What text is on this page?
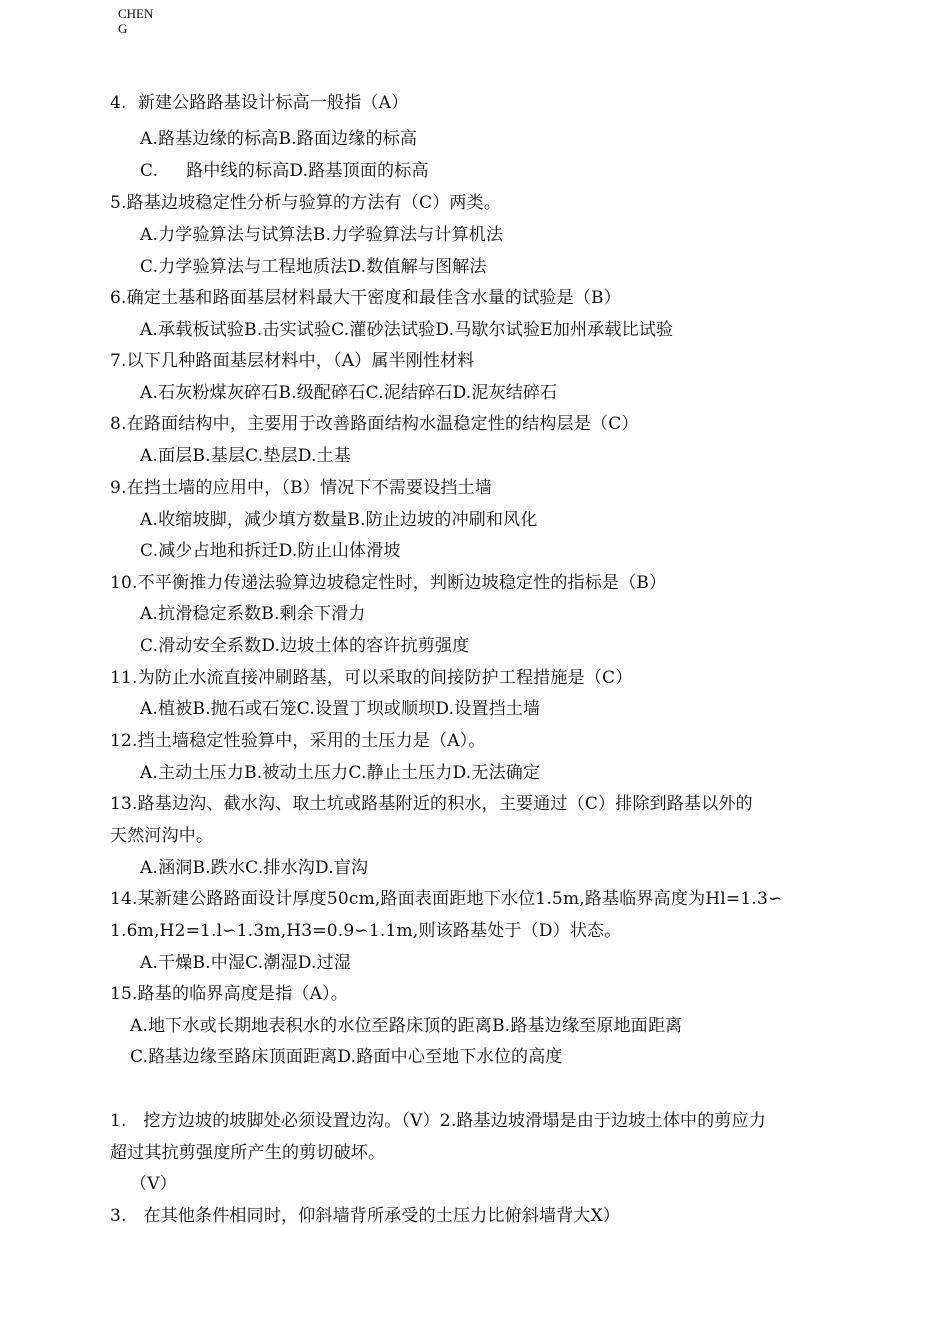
CHENG
4.  新建公路路基设计标高一般指（A）
A.路基边缘的标高B.路面边缘的标高
C.     路中线的标高D.路基顶面的标高
5.路基边坡稳定性分析与验算的方法有（C）两类。
A.力学验算法与试算法B.力学验算法与计算机法
C.力学验算法与工程地质法D.数值解与图解法
6.确定土基和路面基层材料最大干密度和最佳含水量的试验是（B）
A.承载板试验B.击实试验C.灌砂法试验D.马歇尔试验E加州承载比试验
7.以下几种路面基层材料中，（A）属半刚性材料
A.石灰粉煤灰碎石B.级配碎石C.泥结碎石D.泥灰结碎石
8.在路面结构中，主要用于改善路面结构水温稳定性的结构层是（C）
A.面层B.基层C.垫层D.土基
9.在挡土墙的应用中，（B）情况下不需要设挡土墙
A.收缩坡脚，减少填方数量B.防止边坡的冲刷和风化
C.减少占地和拆迁D.防止山体滑坡
10.不平衡推力传递法验算边坡稳定性时，判断边坡稳定性的指标是（B）
A.抗滑稳定系数B.剩余下滑力
C.滑动安全系数D.边坡土体的容许抗剪强度
11.为防止水流直接冲刷路基，可以采取的间接防护工程措施是（C）
A.植被B.抛石或石笼C.设置丁坝或顺坝D.设置挡土墙
12.挡土墙稳定性验算中，采用的土压力是（A）。
A.主动土压力B.被动土压力C.静止土压力D.无法确定
13.路基边沟、截水沟、取土坑或路基附近的积水，主要通过（C）排除到路基以外的
天然河沟中。
A.涵洞B.跌水C.排水沟D.盲沟
14.某新建公路路面设计厚度50cm,路面表面距地下水位1.5m,路基临界高度为Hl=1.3∽
1.6m,H2=1.l∽1.3m,H3=0.9∽1.1m,则该路基处于（D）状态。
A.干燥B.中湿C.潮湿D.过湿
15.路基的临界高度是指（A）。
A.地下水或长期地表积水的水位至路床顶的距离B.路基边缘至原地面距离
C.路基边缘至路床顶面距离D.路面中心至地下水位的高度
1.   挖方边坡的坡脚处必须设置边沟。（V）2.路基边坡滑塌是由于边坡土体中的剪应力
超过其抗剪强度所产生的剪切破坏。
（V）
3.   在其他条件相同时，仰斜墙背所承受的土压力比俯斜墙背大X）
